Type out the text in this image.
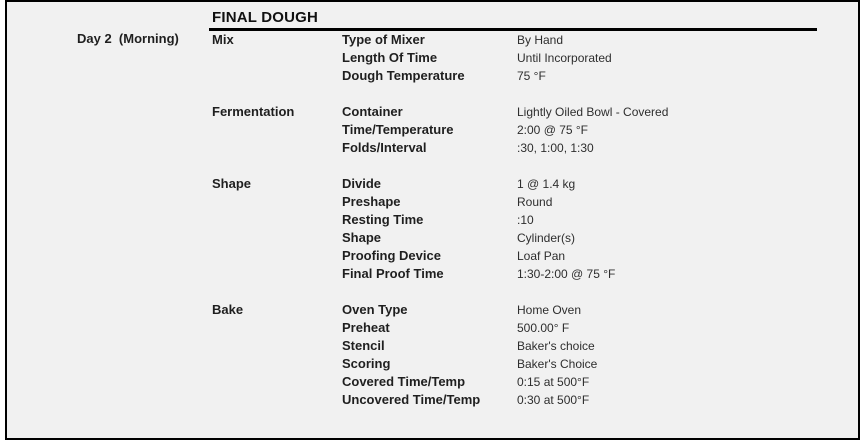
Day 2  (Morning)
FINAL DOUGH
Mix	Type of Mixer	By Hand
Length Of Time	Until Incorporated
Dough Temperature	75 °F
Fermentation	Container	Lightly Oiled Bowl - Covered
Time/Temperature	2:00 @ 75 °F
Folds/Interval	:30, 1:00, 1:30
Shape	Divide	1 @ 1.4 kg
Preshape	Round
Resting Time	:10
Shape	Cylinder(s)
Proofing Device	Loaf Pan
Final Proof Time	1:30-2:00 @ 75 °F
Bake	Oven Type	Home Oven
Preheat	500.00° F
Stencil	Baker's choice
Scoring	Baker's Choice
Covered Time/Temp	0:15 at 500°F
Uncovered Time/Temp	0:30 at 500°F
